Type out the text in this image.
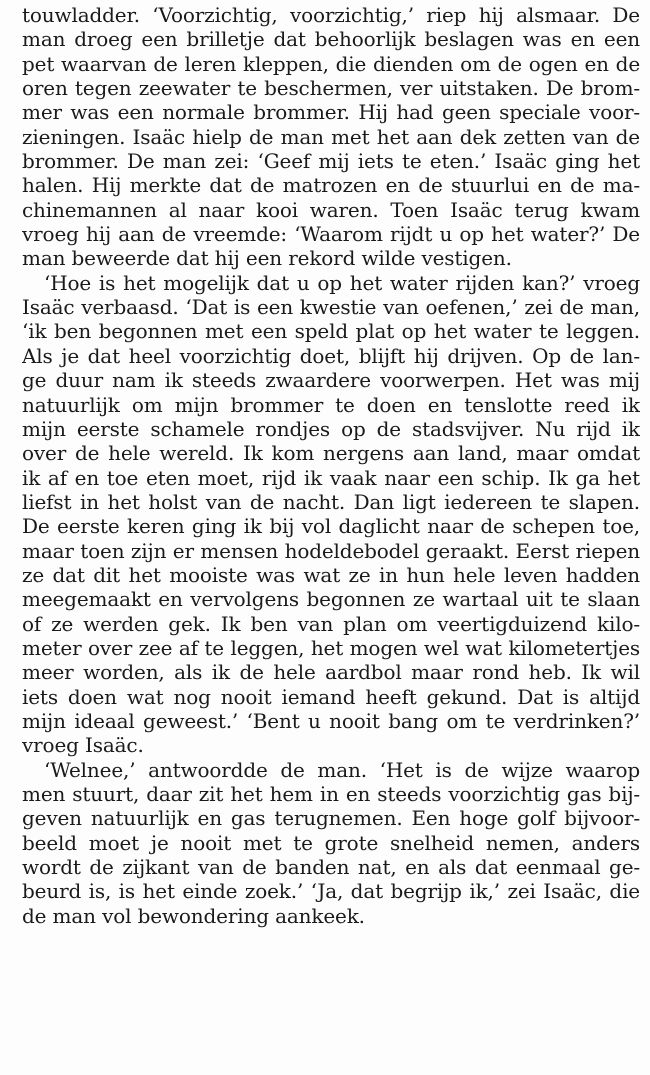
touwladder. ‘Voorzichtig, voorzichtig,’ riep hij alsmaar. De
man droeg een brilletje dat behoorlijk beslagen was en een
pet waarvan de leren kleppen, die dienden om de ogen en de
oren tegen zeewater te beschermen, ver uitstaken. De brom-
mer was een normale brommer. Hij had geen speciale voor-
zieningen. Isaäc hielp de man met het aan dek zetten van de
brommer. De man zei: ‘Geef mij iets te eten.’ Isaäc ging het
halen. Hij merkte dat de matrozen en de stuurlui en de ma-
chinemannen al naar kooi waren. Toen Isaäc terug kwam
vroeg hij aan de vreemde: ‘Waarom rijdt u op het water?’ De
man beweerde dat hij een rekord wilde vestigen.
‘Hoe is het mogelijk dat u op het water rijden kan?’ vroeg
Isaäc verbaasd. ‘Dat is een kwestie van oefenen,’ zei de man,
‘ik ben begonnen met een speld plat op het water te leggen.
Als je dat heel voorzichtig doet, blijft hij drijven. Op de lan-
ge duur nam ik steeds zwaardere voorwerpen. Het was mij
natuurlijk om mijn brommer te doen en tenslotte reed ik
mijn eerste schamele rondjes op de stadsvijver. Nu rijd ik
over de hele wereld. Ik kom nergens aan land, maar omdat
ik af en toe eten moet, rijd ik vaak naar een schip. Ik ga het
liefst in het holst van de nacht. Dan ligt iedereen te slapen.
De eerste keren ging ik bij vol daglicht naar de schepen toe,
maar toen zijn er mensen hodeldebodel geraakt. Eerst riepen
ze dat dit het mooiste was wat ze in hun hele leven hadden
meegemaakt en vervolgens begonnen ze wartaal uit te slaan
of ze werden gek. Ik ben van plan om veertigduizend kilo-
meter over zee af te leggen, het mogen wel wat kilometertjes
meer worden, als ik de hele aardbol maar rond heb. Ik wil
iets doen wat nog nooit iemand heeft gekund. Dat is altijd
mijn ideaal geweest.’ ‘Bent u nooit bang om te verdrinken?’
vroeg Isaäc.
‘Welnee,’ antwoordde de man. ‘Het is de wijze waarop
men stuurt, daar zit het hem in en steeds voorzichtig gas bij-
geven natuurlijk en gas terugnemen. Een hoge golf bijvoor-
beeld moet je nooit met te grote snelheid nemen, anders
wordt de zijkant van de banden nat, en als dat eenmaal ge-
beurd is, is het einde zoek.’ ‘Ja, dat begrijp ik,’ zei Isaäc, die
de man vol bewondering aankeek.
